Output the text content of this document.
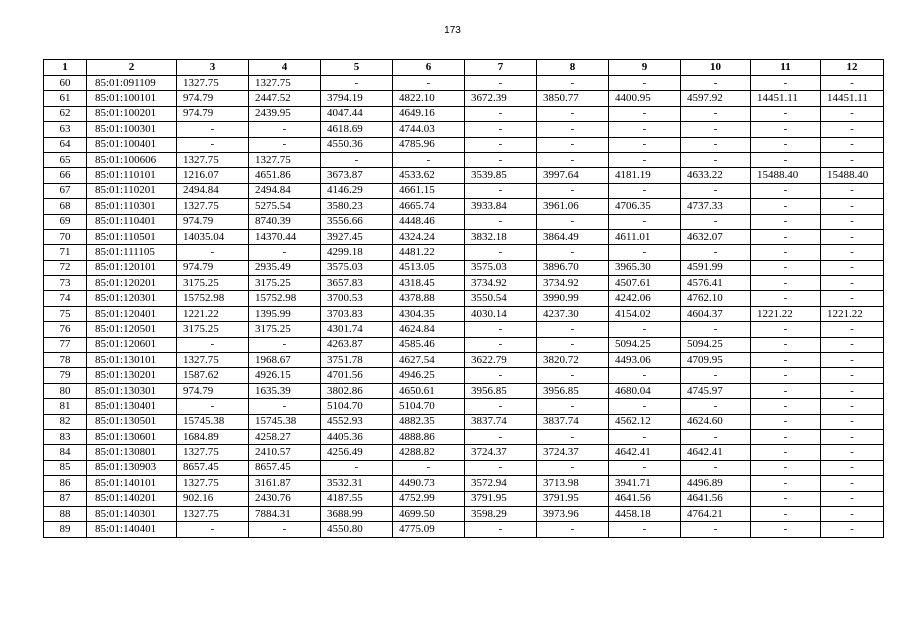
173
1	2	3	4	5	6	7	8	9	10	11	12
60	85:01:091109	1327.75	1327.75	-	-	-	-	-	-	-	-
61	85:01:100101	974.79	2447.52	3794.19	4822.10	3672.39	3850.77	4400.95	4597.92	14451.11	14451.11
62	85:01:100201	974.79	2439.95	4047.44	4649.16	-	-	-	-	-	-
63	85:01:100301	-	-	4618.69	4744.03	-	-	-	-	-	-
64	85:01:100401	-	-	4550.36	4785.96	-	-	-	-	-	-
65	85:01:100606	1327.75	1327.75	-	-	-	-	-	-	-	-
66	85:01:110101	1216.07	4651.86	3673.87	4533.62	3539.85	3997.64	4181.19	4633.22	15488.40	15488.40
67	85:01:110201	2494.84	2494.84	4146.29	4661.15	-	-	-	-	-	-
68	85:01:110301	1327.75	5275.54	3580.23	4665.74	3933.84	3961.06	4706.35	4737.33	-	-
69	85:01:110401	974.79	8740.39	3556.66	4448.46	-	-	-	-	-	-
70	85:01:110501	14035.04	14370.44	3927.45	4324.24	3832.18	3864.49	4611.01	4632.07	-	-
71	85:01:111105	-	-	4299.18	4481.22	-	-	-	-	-	-
72	85:01:120101	974.79	2935.49	3575.03	4513.05	3575.03	3896.70	3965.30	4591.99	-	-
73	85:01:120201	3175.25	3175.25	3657.83	4318.45	3734.92	3734.92	4507.61	4576.41	-	-
74	85:01:120301	15752.98	15752.98	3700.53	4378.88	3550.54	3990.99	4242.06	4762.10	-	-
75	85:01:120401	1221.22	1395.99	3703.83	4304.35	4030.14	4237.30	4154.02	4604.37	1221.22	1221.22
76	85:01:120501	3175.25	3175.25	4301.74	4624.84	-	-	-	-	-	-
77	85:01:120601	-	-	4263.87	4585.46	-	-	5094.25	5094.25	-	-
78	85:01:130101	1327.75	1968.67	3751.78	4627.54	3622.79	3820.72	4493.06	4709.95	-	-
79	85:01:130201	1587.62	4926.15	4701.56	4946.25	-	-	-	-	-	-
80	85:01:130301	974.79	1635.39	3802.86	4650.61	3956.85	3956.85	4680.04	4745.97	-	-
81	85:01:130401	-	-	5104.70	5104.70	-	-	-	-	-	-
82	85:01:130501	15745.38	15745.38	4552.93	4882.35	3837.74	3837.74	4562.12	4624.60	-	-
83	85:01:130601	1684.89	4258.27	4405.36	4888.86	-	-	-	-	-	-
84	85:01:130801	1327.75	2410.57	4256.49	4288.82	3724.37	3724.37	4642.41	4642.41	-	-
85	85:01:130903	8657.45	8657.45	-	-	-	-	-	-	-	-
86	85:01:140101	1327.75	3161.87	3532.31	4490.73	3572.94	3713.98	3941.71	4496.89	-	-
87	85:01:140201	902.16	2430.76	4187.55	4752.99	3791.95	3791.95	4641.56	4641.56	-	-
88	85:01:140301	1327.75	7884.31	3688.99	4699.50	3598.29	3973.96	4458.18	4764.21	-	-
89	85:01:140401	-	-	4550.80	4775.09	-	-	-	-	-	-
